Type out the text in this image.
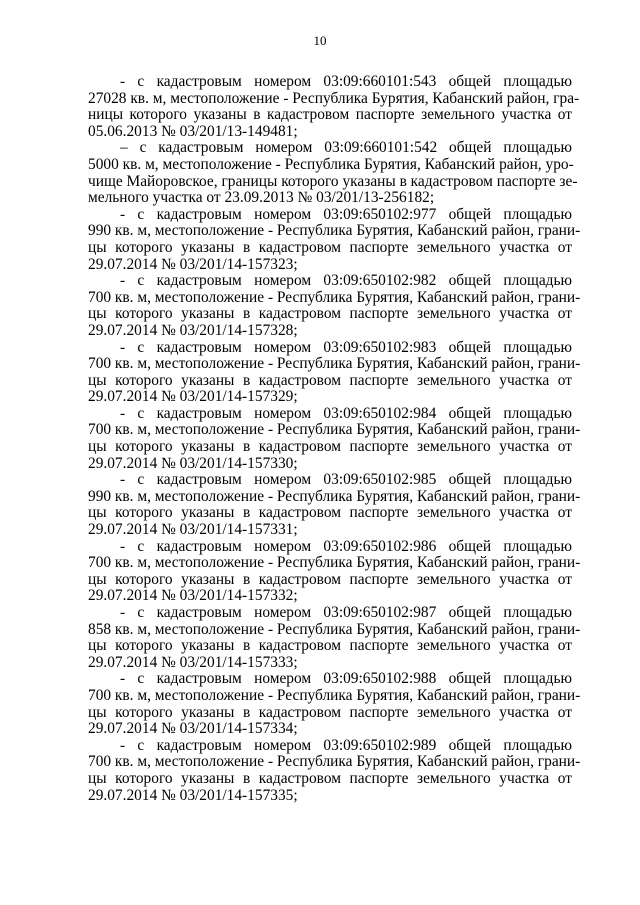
10

- с кадастровым номером 03:09:660101:543 общей площадью
27028 кв. м, местоположение - Республика Бурятия, Кабанский район, гра-
ницы которого указаны в кадастровом паспорте земельного участка от
05.06.2013 № 03/201/13-149481;

– с кадастровым номером 03:09:660101:542 общей площадью
5000 кв. м, местоположение - Республика Бурятия, Кабанский район, уро-
чище Майоровское, границы которого указаны в кадастровом паспорте зе-
мельного участка от 23.09.2013 № 03/201/13-256182;

- с кадастровым номером 03:09:650102:977 общей площадью
990 кв. м, местоположение - Республика Бурятия, Кабанский район, грани-
цы которого указаны в кадастровом паспорте земельного участка от
29.07.2014 № 03/201/14-157323;

- с кадастровым номером 03:09:650102:982 общей площадью
700 кв. м, местоположение - Республика Бурятия, Кабанский район, грани-
цы которого указаны в кадастровом паспорте земельного участка от
29.07.2014 № 03/201/14-157328;

- с кадастровым номером 03:09:650102:983 общей площадью
700 кв. м, местоположение - Республика Бурятия, Кабанский район, грани-
цы которого указаны в кадастровом паспорте земельного участка от
29.07.2014 № 03/201/14-157329;

- с кадастровым номером 03:09:650102:984 общей площадью
700 кв. м, местоположение - Республика Бурятия, Кабанский район, грани-
цы которого указаны в кадастровом паспорте земельного участка от
29.07.2014 № 03/201/14-157330;

- с кадастровым номером 03:09:650102:985 общей площадью
990 кв. м, местоположение - Республика Бурятия, Кабанский район, грани-
цы которого указаны в кадастровом паспорте земельного участка от
29.07.2014 № 03/201/14-157331;

- с кадастровым номером 03:09:650102:986 общей площадью
700 кв. м, местоположение - Республика Бурятия, Кабанский район, грани-
цы которого указаны в кадастровом паспорте земельного участка от
29.07.2014 № 03/201/14-157332;

- с кадастровым номером 03:09:650102:987 общей площадью
858 кв. м, местоположение - Республика Бурятия, Кабанский район, грани-
цы которого указаны в кадастровом паспорте земельного участка от
29.07.2014 № 03/201/14-157333;

- с кадастровым номером 03:09:650102:988 общей площадью
700 кв. м, местоположение - Республика Бурятия, Кабанский район, грани-
цы которого указаны в кадастровом паспорте земельного участка от
29.07.2014 № 03/201/14-157334;

- с кадастровым номером 03:09:650102:989 общей площадью
700 кв. м, местоположение - Республика Бурятия, Кабанский район, грани-
цы которого указаны в кадастровом паспорте земельного участка от
29.07.2014 № 03/201/14-157335;
